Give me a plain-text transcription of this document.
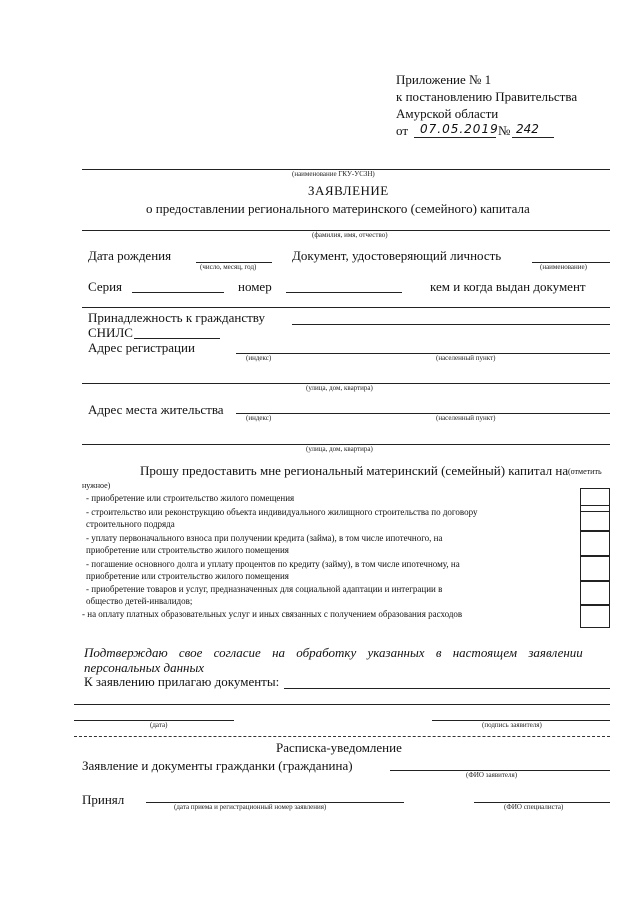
Приложение № 1
к постановлению Правительства
Амурской области
от 07.05.2019 № 242
(наименование ГКУ-УСЗН)
ЗАЯВЛЕНИЕ
о предоставлении регионального материнского (семейного) капитала
(фамилия, имя, отчество)
Дата рождения
(число, месяц, год)
Документ, удостоверяющий личность
(наименование)
Серия	номер	кем и когда выдан документ
Принадлежность к гражданству
СНИЛС
Адрес регистрации
(индекс)	(населенный пункт)
(улица, дом, квартира)
Адрес места жительства
(индекс)	(населенный пункт)
(улица, дом, квартира)
Прошу предоставить мне региональный материнский (семейный) капитал на (отметить
нужное)
- приобретение или строительство жилого помещения
- строительство или реконструкцию объекта индивидуального жилищного строительства по договору
строительного подряда
- уплату первоначального взноса при получении кредита (займа), в том числе ипотечного, на
приобретение или строительство жилого помещения
- погашение основного долга и уплату процентов по кредиту (займу), в том числе ипотечному, на
приобретение или строительство жилого помещения
- приобретение товаров и услуг, предназначенных для социальной адаптации и интеграции в
общество детей-инвалидов;
- на оплату платных образовательных услуг и иных связанных с получением образования расходов
Подтверждаю свое согласие на обработку указанных в настоящем заявлении
персональных данных
К заявлению прилагаю документы:
(дата)	(подпись заявителя)
Расписка-уведомление
Заявление и документы гражданки (гражданина)
(ФИО заявителя)
Принял	(дата приема и регистрационный номер заявления)	(ФИО специалиста)
